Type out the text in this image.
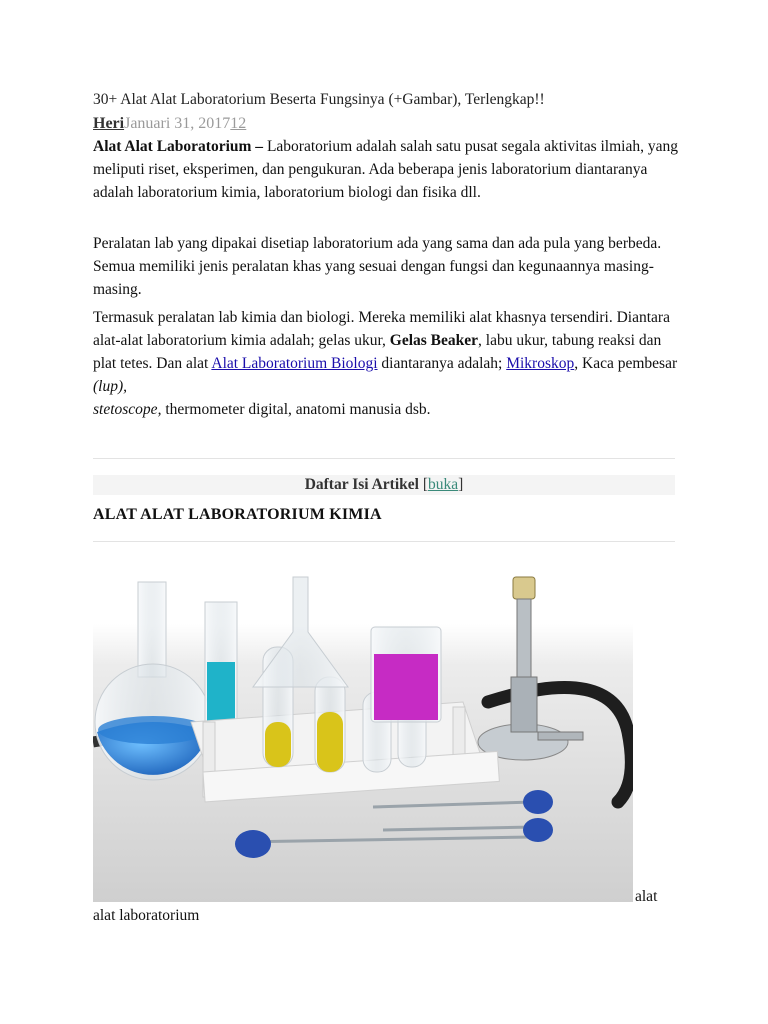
30+ Alat Alat Laboratorium Beserta Fungsinya (+Gambar), Terlengkap!!
HeriJanuari 31, 201712

Alat Alat Laboratorium – Laboratorium adalah salah satu pusat segala aktivitas ilmiah, yang meliputi riset, eksperimen, dan pengukuran. Ada beberapa jenis laboratorium diantaranya adalah laboratorium kimia, laboratorium biologi dan fisika dll.

Peralatan lab yang dipakai disetiap laboratorium ada yang sama dan ada pula yang berbeda. Semua memiliki jenis peralatan khas yang sesuai dengan fungsi dan kegunaannya masing-masing.

Termasuk peralatan lab kimia dan biologi. Mereka memiliki alat khasnya tersendiri. Diantara alat-alat laboratorium kimia adalah; gelas ukur, Gelas Beaker, labu ukur, tabung reaksi dan plat tetes. Dan alat Alat Laboratorium Biologi diantaranya adalah; Mikroskop, Kaca pembesar (lup),
stetoscope, thermometer digital, anatomi manusia dsb.

Daftar Isi Artikel [buka]
ALAT ALAT LABORATORIUM KIMIA
alat
alat laboratorium
